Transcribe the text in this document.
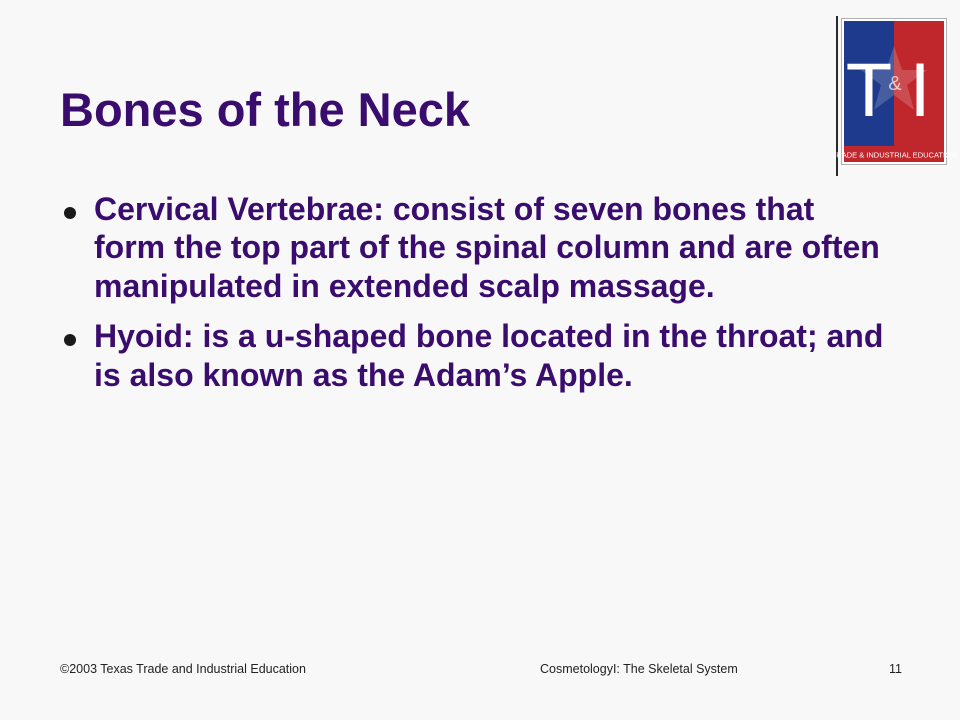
Bones of the Neck	T
& I
TRADE & INDUSTRIAL EDUCATION
Cervical Vertebrae: consist of seven bones that form the top part of the spinal column and are often manipulated in extended scalp massage.
Hyoid: is a u-shaped bone located in the throat; and is also known as the Adam’s Apple.
©2003 Texas Trade and Industrial Education	CosmetologyI: The Skeletal System	11
